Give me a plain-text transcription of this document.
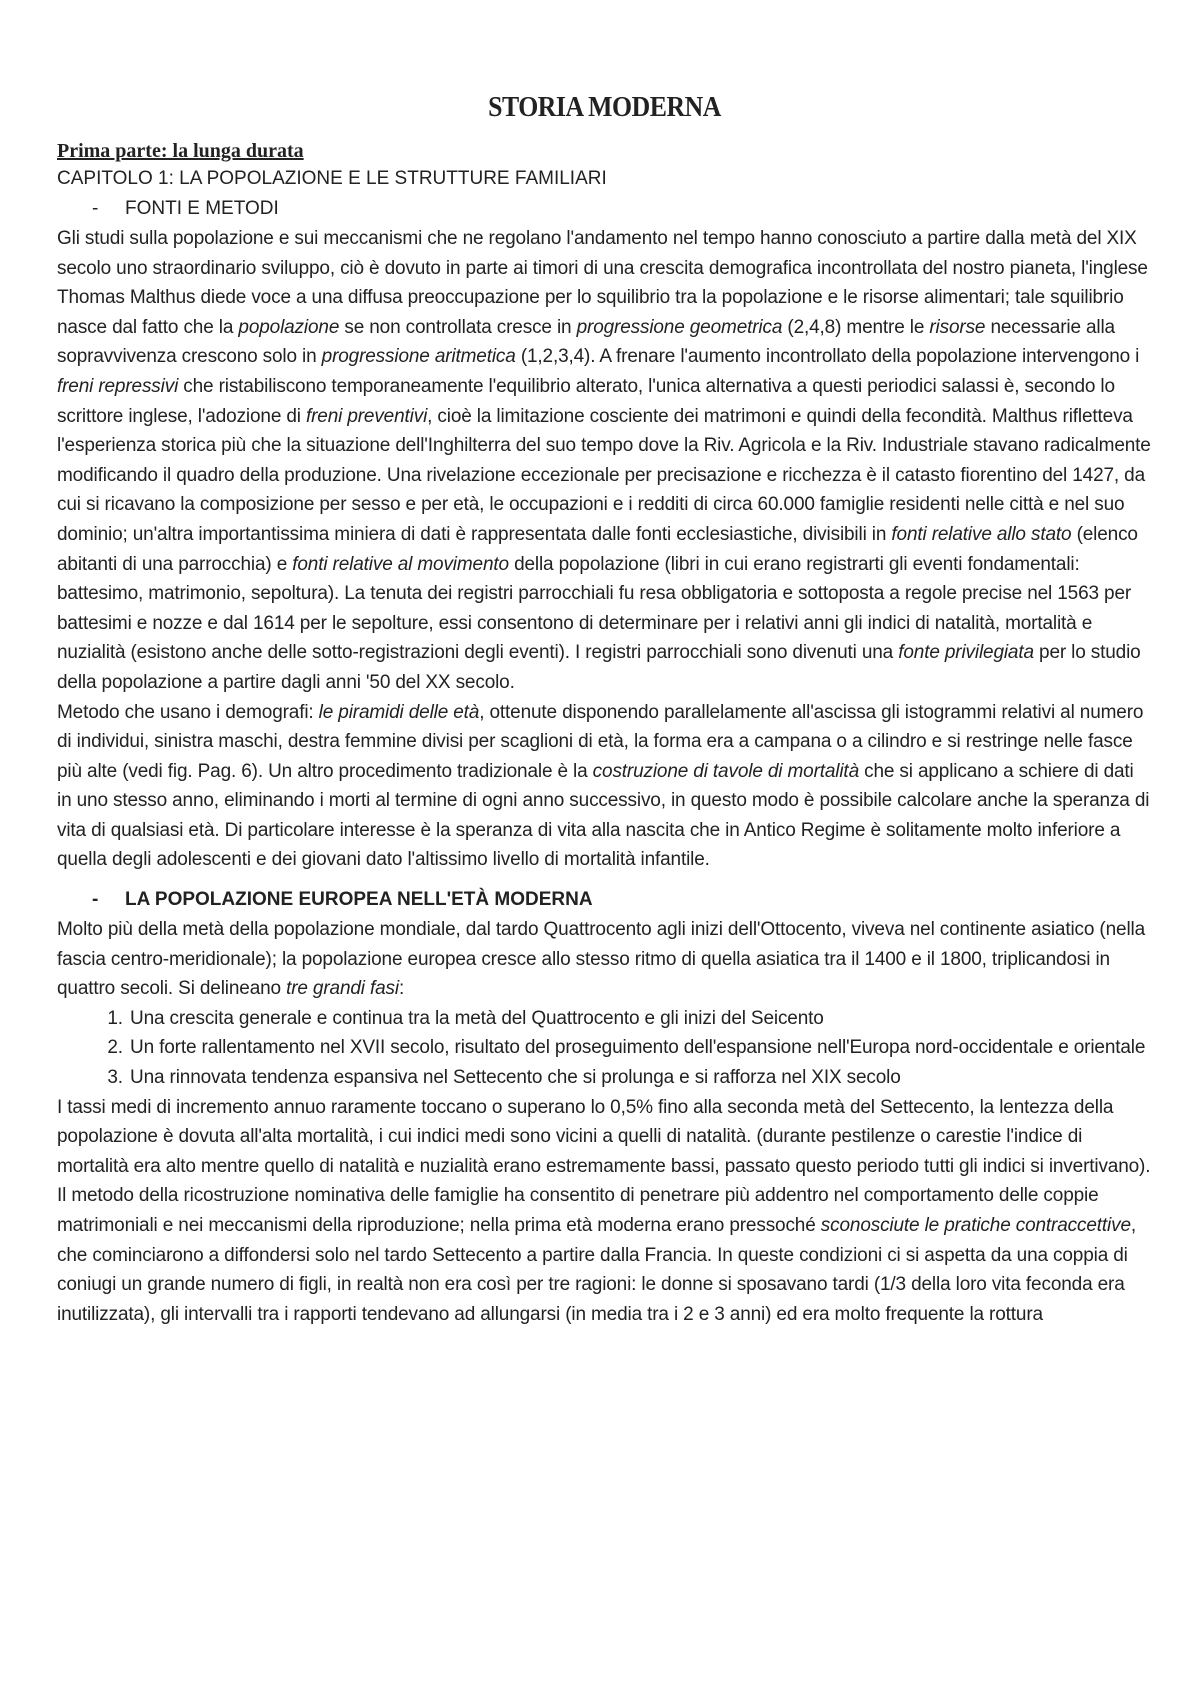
STORIA MODERNA
Prima parte: la lunga durata
CAPITOLO 1: LA POPOLAZIONE E LE STRUTTURE FAMILIARI
- FONTI E METODI

Gli studi sulla popolazione e sui meccanismi che ne regolano l'andamento nel tempo hanno conosciuto a partire dalla metà del XIX secolo uno straordinario sviluppo, ciò è dovuto in parte ai timori di una crescita demografica incontrollata del nostro pianeta, l'inglese Thomas Malthus diede voce a una diffusa preoccupazione per lo squilibrio tra la popolazione e le risorse alimentari; tale squilibrio nasce dal fatto che la popolazione se non controllata cresce in progressione geometrica (2,4,8) mentre le risorse necessarie alla sopravvivenza crescono solo in progressione aritmetica (1,2,3,4). A frenare l'aumento incontrollato della popolazione intervengono i freni repressivi che ristabiliscono temporaneamente l'equilibrio alterato, l'unica alternativa a questi periodici salassi è, secondo lo scrittore inglese, l'adozione di freni preventivi, cioè la limitazione cosciente dei matrimoni e quindi della fecondità. Malthus rifletteva l'esperienza storica più che la situazione dell'Inghilterra del suo tempo dove la Riv. Agricola e la Riv. Industriale stavano radicalmente modificando il quadro della produzione. Una rivelazione eccezionale per precisazione e ricchezza è il catasto fiorentino del 1427, da cui si ricavano la composizione per sesso e per età, le occupazioni e i redditi di circa 60.000 famiglie residenti nelle città e nel suo dominio; un'altra importantissima miniera di dati è rappresentata dalle fonti ecclesiastiche, divisibili in fonti relative allo stato (elenco abitanti di una parrocchia) e fonti relative al movimento della popolazione (libri in cui erano registrarti gli eventi fondamentali: battesimo, matrimonio, sepoltura). La tenuta dei registri parrocchiali fu resa obbligatoria e sottoposta a regole precise nel 1563 per battesimi e nozze e dal 1614 per le sepolture, essi consentono di determinare per i relativi anni gli indici di natalità, mortalità e nuzialità (esistono anche delle sotto-registrazioni degli eventi). I registri parrocchiali sono divenuti una fonte privilegiata per lo studio della popolazione a partire dagli anni '50 del XX secolo.

Metodo che usano i demografi: le piramidi delle età, ottenute disponendo parallelamente all'ascissa gli istogrammi relativi al numero di individui, sinistra maschi, destra femmine divisi per scaglioni di età, la forma era a campana o a cilindro e si restringe nelle fasce più alte (vedi fig. Pag. 6). Un altro procedimento tradizionale è la costruzione di tavole di mortalità che si applicano a schiere di dati in uno stesso anno, eliminando i morti al termine di ogni anno successivo, in questo modo è possibile calcolare anche la speranza di vita di qualsiasi età. Di particolare interesse è la speranza di vita alla nascita che in Antico Regime è solitamente molto inferiore a quella degli adolescenti e dei giovani dato l'altissimo livello di mortalità infantile.

- LA POPOLAZIONE EUROPEA NELL'ETÀ MODERNA

Molto più della metà della popolazione mondiale, dal tardo Quattrocento agli inizi dell'Ottocento, viveva nel continente asiatico (nella fascia centro-meridionale); la popolazione europea cresce allo stesso ritmo di quella asiatica tra il 1400 e il 1800, triplicandosi in quattro secoli. Si delineano tre grandi fasi:

1. Una crescita generale e continua tra la metà del Quattrocento e gli inizi del Seicento
2. Un forte rallentamento nel XVII secolo, risultato del proseguimento dell'espansione nell'Europa nord-occidentale e orientale
3. Una rinnovata tendenza espansiva nel Settecento che si prolunga e si rafforza nel XIX secolo

I tassi medi di incremento annuo raramente toccano o superano lo 0,5% fino alla seconda metà del Settecento, la lentezza della popolazione è dovuta all'alta mortalità, i cui indici medi sono vicini a quelli di natalità. (durante pestilenze o carestie l'indice di mortalità era alto mentre quello di natalità e nuzialità erano estremamente bassi, passato questo periodo tutti gli indici si invertivano).

Il metodo della ricostruzione nominativa delle famiglie ha consentito di penetrare più addentro nel comportamento delle coppie matrimoniali e nei meccanismi della riproduzione; nella prima età moderna erano pressoché sconosciute le pratiche contraccettive, che cominciarono a diffondersi solo nel tardo Settecento a partire dalla Francia. In queste condizioni ci si aspetta da una coppia di coniugi un grande numero di figli, in realtà non era così per tre ragioni: le donne si sposavano tardi (1/3 della loro vita feconda era inutilizzata), gli intervalli tra i rapporti tendevano ad allungarsi (in media tra i 2 e 3 anni) ed era molto frequente la rottura
